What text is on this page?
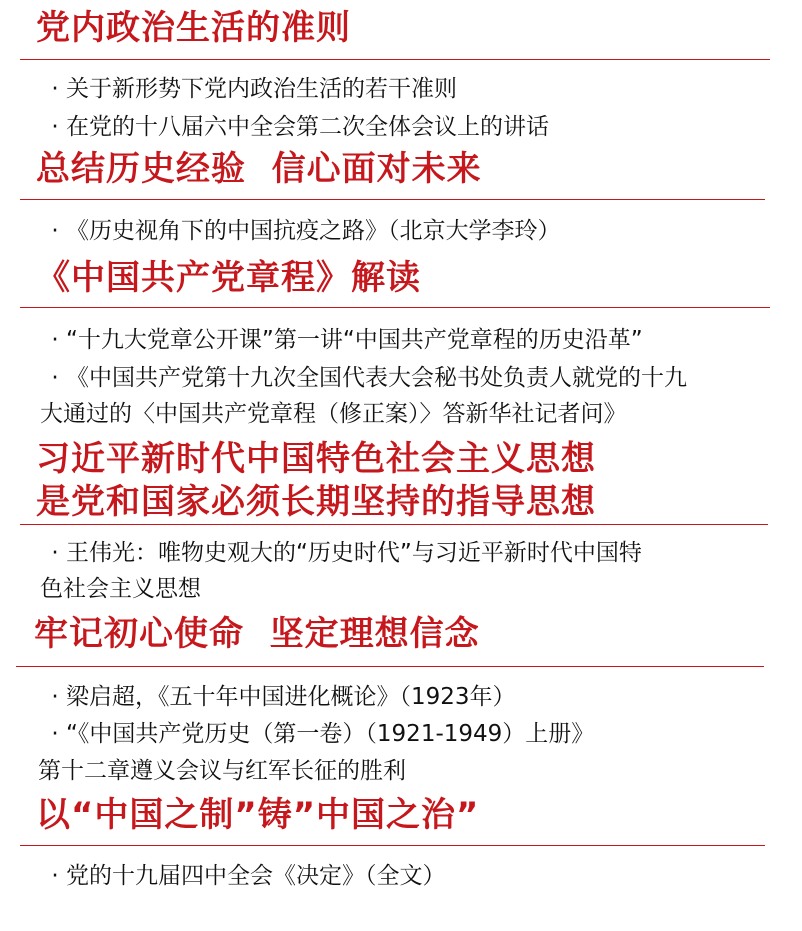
党内政治生活的准则

· 关于新形势下党内政治生活的若干准则

· 在党的十八届六中全会第二次全体会议上的讲话

总结历史经验  信心面对未来

· 《历史视角下的中国抗疫之路》（北京大学李玲）

《中国共产党章程》解读

· “十九大党章公开课”第一讲“中国共产党章程的历史沿革”

· 《中国共产党第十九次全国代表大会秘书处负责人就党的十九

大通过的〈中国共产党章程（修正案）〉答新华社记者问》

习近平新时代中国特色社会主义思想
是党和国家必须长期坚持的指导思想

· 王伟光：唯物史观大的“历史时代”与习近平新时代中国特

色社会主义思想

牢记初心使命  坚定理想信念

· 梁启超，《五十年中国进化概论》（1923年）

· “《中国共产党历史（第一卷）（1921-1949）上册》

第十二章遵义会议与红军长征的胜利

以“中国之制”铸”中国之治”

· 党的十九届四中全会《决定》（全文）
